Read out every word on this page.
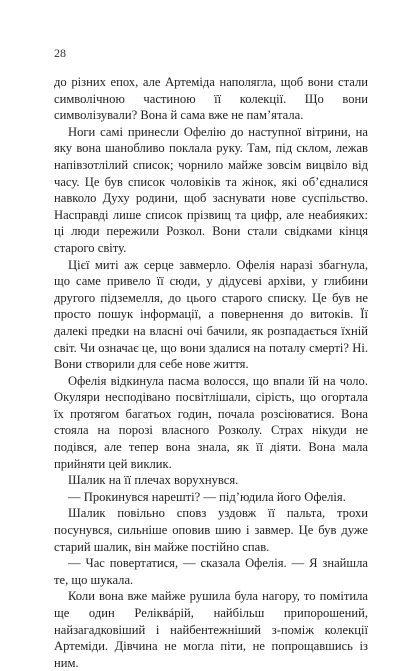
28

до різних епох, але Артеміда наполягла, щоб вони стали символічною частиною її колекції. Що вони символізували? Вона й сама вже не пам’ятала.

Ноги самі принесли Офелію до наступної вітрини, на яку вона шанобливо поклала руку. Там, під склом, лежав напівзотлілий список; чорнило майже зовсім вицвіло від часу. Це був список чоловіків та жінок, які об’єдналися навколо Духу родини, щоб заснувати нове суспільство. Насправді лише список прізвищ та цифр, але неабияких: ці люди пережили Розкол. Вони стали свідками кінця старого світу.

Цієї миті аж серце завмерло. Офелія наразі збагнула, що саме привело її сюди, у дідусеві архіви, у глибини другого підземелля, до цього старого списку. Це був не просто пошук інформації, а повернення до витоків. Її далекі предки на власні очі бачили, як розпадається їхній світ. Чи означає це, що вони здалися на поталу смерті? Ні. Вони створили для себе нове життя.

Офелія відкинула пасма волосся, що впали їй на чоло. Окуляри несподівано посвітлішали, сірість, що огортала їх протягом багатьох годин, почала розсіюватися. Вона стояла на порозі власного Розколу. Страх нікуди не подівся, але тепер вона знала, як її діяти. Вона мала прийняти цей виклик.

Шалик на її плечах ворухнувся.

— Прокинувся нарешті? — підʼюдила його Офелія.

Шалик повільно сповз уздовж її пальта, трохи посунувся, сильніше оповив шию і завмер. Це був дуже старий шалик, він майже постійно спав.

— Час повертатися, — сказала Офелія. — Я знайшла те, що шукала.

Коли вона вже майже рушила була нагору, то помітила ще один Реліквáрій, найбільш припорошений, найзагадковіший і найбентежніший з-поміж колекції Артеміди. Дівчина не могла піти, не попрощавшись із ним.
